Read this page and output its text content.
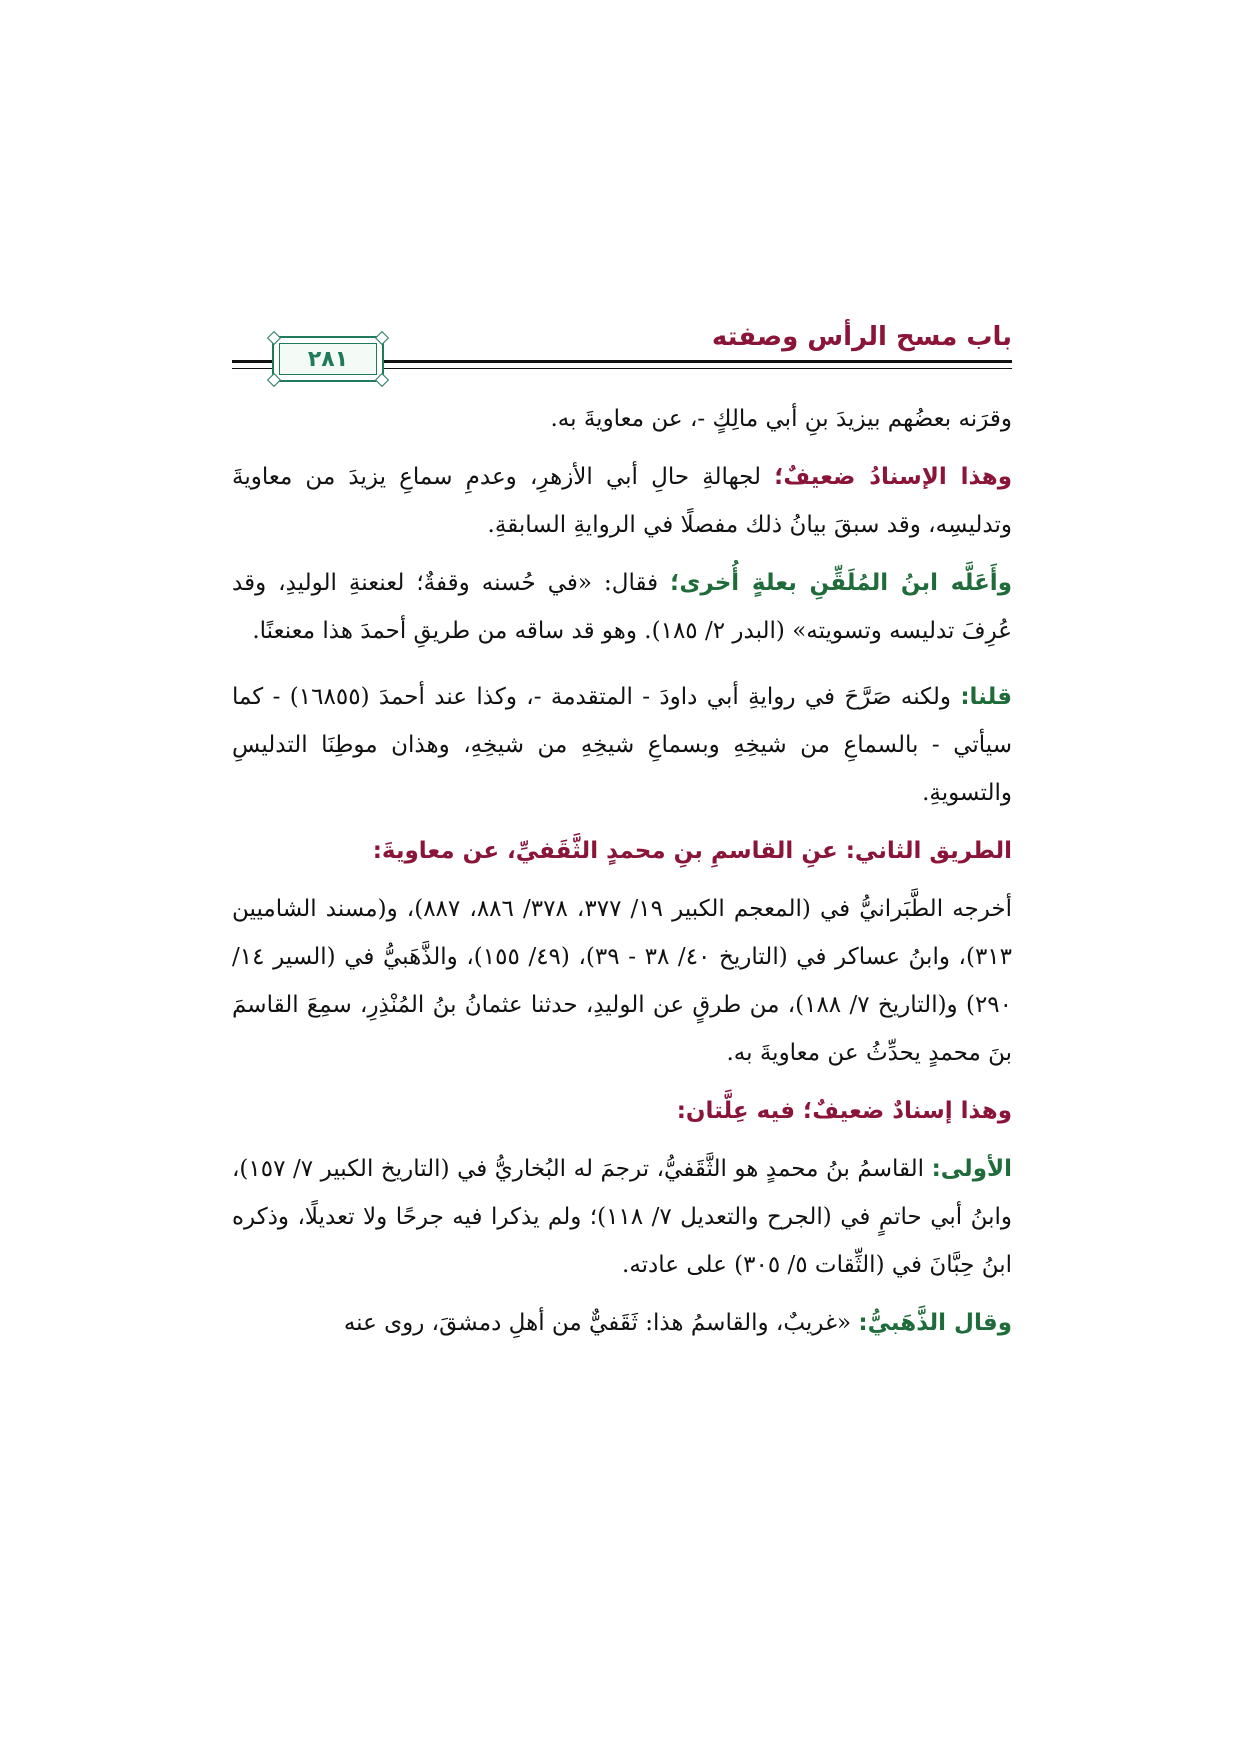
باب مسح الرأس وصفته
٢٨١

وقرَنه بعضُهم بيزيدَ بنِ أبي مالِكٍ -، عن معاويةَ به.

وهذا الإسنادُ ضعيفٌ؛ لجهالةِ حالِ أبي الأزهرِ، وعدمِ سماعِ يزيدَ من معاويةَ وتدليسِه، وقد سبقَ بيانُ ذلك مفصلًا في الروايةِ السابقةِ.

وأَعَلَّه ابنُ المُلَقِّنِ بعلةٍ أُخرى؛ فقال: «في حُسنه وقفةٌ؛ لعنعنةِ الوليدِ، وقد عُرِفَ تدليسه وتسويته» (البدر ٢/ ١٨٥). وهو قد ساقه من طريقِ أحمدَ هذا معنعنًا.

قلنا: ولكنه صَرَّحَ في روايةِ أبي داودَ - المتقدمة -، وكذا عند أحمدَ (١٦٨٥٥) - كما سيأتي - بالسماعِ من شيخِهِ وبسماعِ شيخِهِ من شيخِهِ، وهذان موطِنَا التدليسِ والتسويةِ.

الطريق الثاني: عنِ القاسمِ بنِ محمدٍ الثَّقَفيِّ، عن معاويةَ:

أخرجه الطَّبَرانيُّ في (المعجم الكبير ١٩/ ٣٧٧، ٣٧٨/ ٨٨٦، ٨٨٧)، و(مسند الشاميين ٣١٣)، وابنُ عساكر في (التاريخ ٤٠/ ٣٨ - ٣٩)، (٤٩/ ١٥٥)، والذَّهَبيُّ في (السير ١٤/ ٢٩٠) و(التاريخ ٧/ ١٨٨)، من طرقٍ عن الوليدِ، حدثنا عثمانُ بنُ المُنْذِرِ، سمِعَ القاسمَ بنَ محمدٍ يحدِّثُ عن معاويةَ به.

وهذا إسنادٌ ضعيفٌ؛ فيه عِلَّتان:

الأولى: القاسمُ بنُ محمدٍ هو الثَّقَفيُّ، ترجمَ له البُخاريُّ في (التاريخ الكبير ٧/ ١٥٧)، وابنُ أبي حاتمٍ في (الجرح والتعديل ٧/ ١١٨)؛ ولم يذكرا فيه جرحًا ولا تعديلًا، وذكره ابنُ حِبَّانَ في (الثِّقات ٥/ ٣٠٥) على عادته.

وقال الذَّهَبيُّ: «غريبٌ، والقاسمُ هذا: ثَقَفيٌّ من أهلِ دمشقَ، روى عنه
